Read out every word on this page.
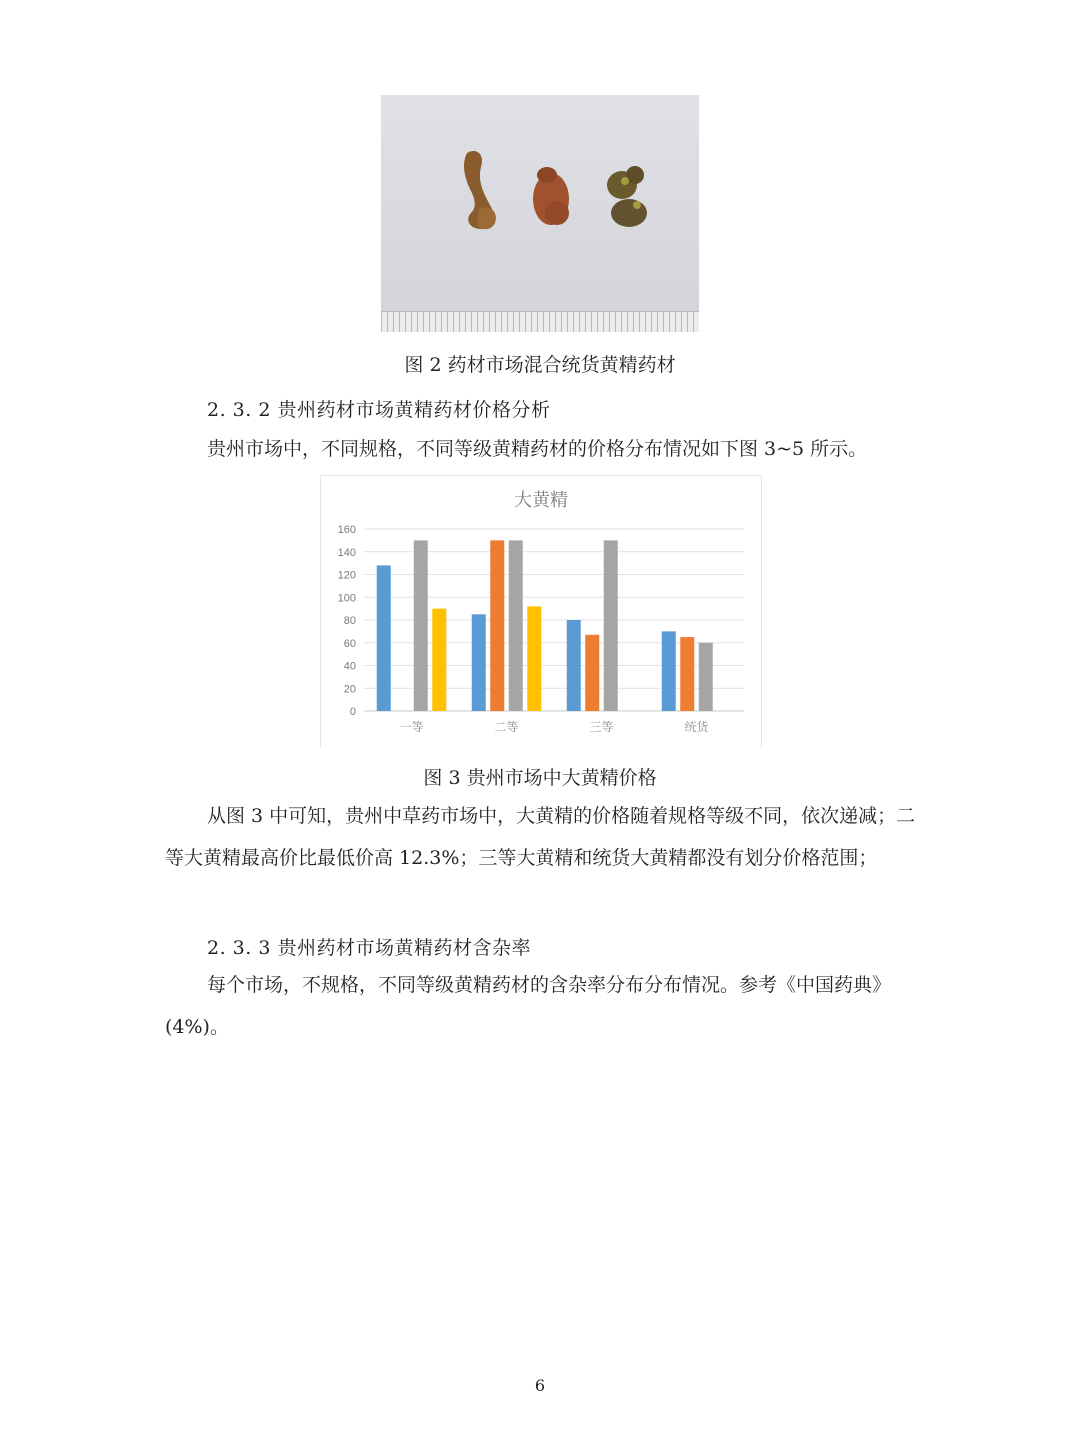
图 2 药材市场混合统货黄精药材
2. 3. 2 贵州药材市场黄精药材价格分析
贵州市场中，不同规格，不同等级黄精药材的价格分布情况如下图 3~5 所示。
大黄精
0
20
40
60
80
100
120
140
160
一等	二等	三等	统货
图 3 贵州市场中大黄精价格
从图 3 中可知，贵州中草药市场中，大黄精的价格随着规格等级不同，依次递减；二等大黄精最高价比最低价高 12.3%；三等大黄精和统货大黄精都没有划分价格范围；
2. 3. 3 贵州药材市场黄精药材含杂率
每个市场，不规格，不同等级黄精药材的含杂率分布分布情况。参考《中国药典》(4%)。
6
